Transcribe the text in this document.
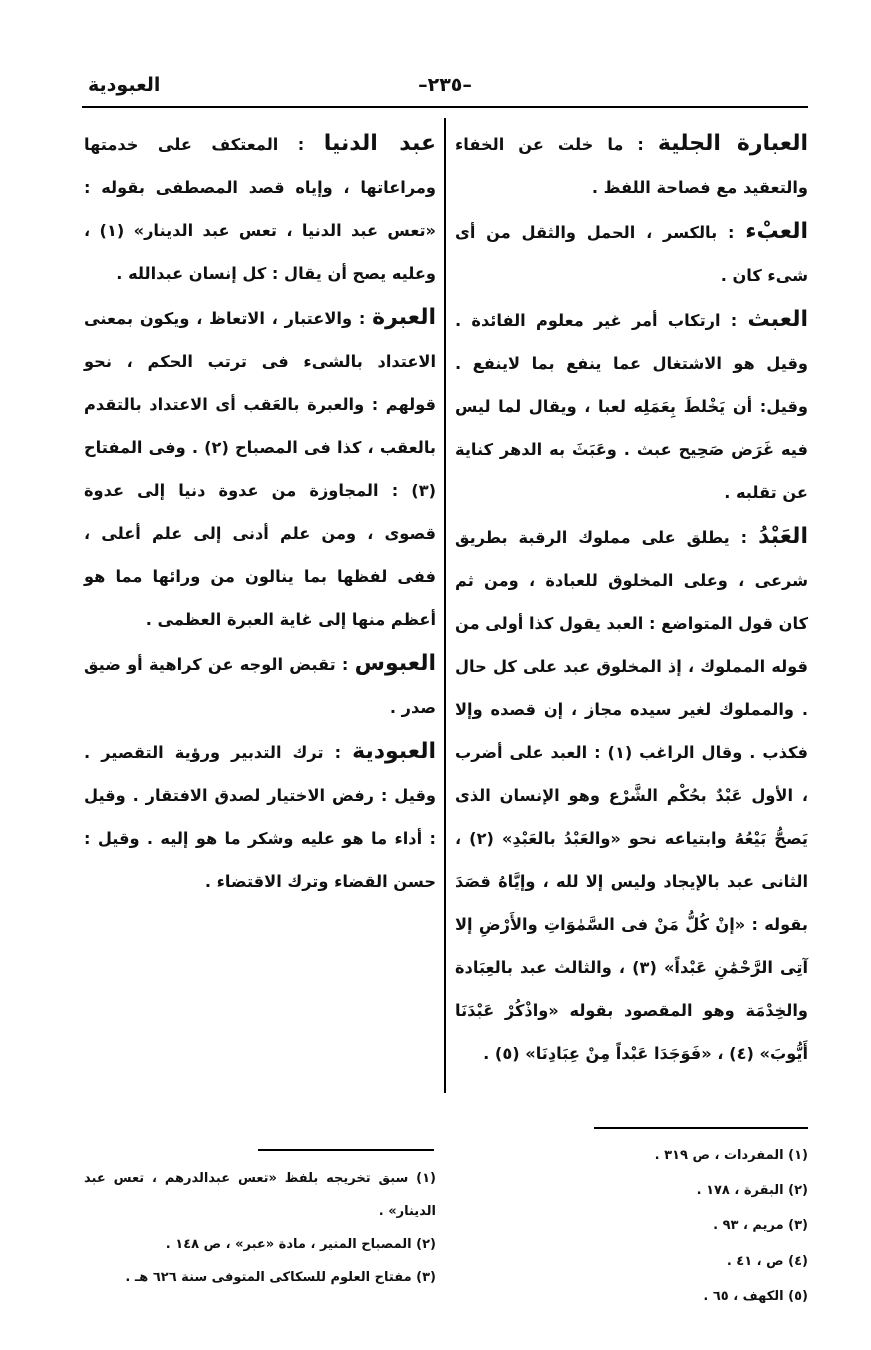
العبودية	–٢٣٥–

العبارة الجلية : ما خلت عن الخفاء والتعقيد مع فصاحة اللفظ .

العبْء : بالكسر ، الحمل والثقل من أى شىء كان .

العبث : ارتكاب أمر غير معلوم الفائدة . وقيل هو الاشتغال عما ينفع بما لاينفع . وقيل: أن يَخْلطَ بِعَمَلِه لعبا ، ويقال لما ليس فيه غَرَض صَحِيح عبث . وعَبَثَ به الدهر كناية عن تقلبه .

العَبْدُ : يطلق على مملوك الرقبة بطريق شرعى ، وعلى المخلوق للعبادة ، ومن ثم كان قول المتواضع : العبد يقول كذا أولى من قوله المملوك ، إذ المخلوق عبد على كل حال . والمملوك لغير سيده مجاز ، إن قصده وإلا فكذب . وقال الراغب (١) : العبد على أضرب ، الأول عَبْدٌ بحُكْم الشَّرْع وهو الإنسان الذى يَصحُّ بَيْعُهُ وابتياعه نحو «والعَبْدُ بالعَبْدِ» (٢) ، الثانى عبد بالإيجاد وليس إلا لله ، وإيَّاهُ قصَدَ بقوله : «إنْ كُلُّ مَنْ فى السَّمٰوَاتِ والأَرْضِ إلا آتِى الرَّحْمَٰنِ عَبْداً» (٣) ، والثالث عبد بالعِبَادة والخِدْمَة وهو المقصود بقوله «واذْكُرْ عَبْدَنَا أَيُّوبَ» (٤) ، «فَوَجَدَا عَبْداً مِنْ عِبَادِنَا» (٥) .

عبد الدنيا : المعتكف على خدمتها ومراعاتها ، وإياه قصد المصطفى بقوله : «تعس عبد الدنيا ، تعس عبد الدينار» (١) ، وعليه يصح أن يقال : كل إنسان عبدالله .

العبرة : والاعتبار ، الاتعاظ ، ويكون بمعنى الاعتداد بالشىء فى ترتب الحكم ، نحو قولهم : والعبرة بالعَقب أى الاعتداد بالتقدم بالعقب ، كذا فى المصباح (٢) . وفى المفتاح (٣) : المجاوزة من عدوة دنيا إلى عدوة قصوى ، ومن علم أدنى إلى علم أعلى ، ففى لفظها بما ينالون من ورائها مما هو أعظم منها إلى غاية العبرة العظمى .

العبوس : تقبض الوجه عن كراهية أو ضيق صدر .

العبودية : ترك التدبير ورؤية التقصير . وقيل : رفض الاختيار لصدق الافتقار . وقيل : أداء ما هو عليه وشكر ما هو إليه . وقيل : حسن القضاء وترك الاقتضاء .

(١) المفردات ، ص ٣١٩ .
(٢) البقرة ، ١٧٨ .
(٣) مريم ، ٩٣ .
(٤) ص ، ٤١ .
(٥) الكهف ، ٦٥ .
(١) سبق تخريجه بلفظ «تعس عبدالدرهم ، تعس عبد الدينار» .
(٢) المصباح المنير ، مادة «عبر» ، ص ١٤٨ .
(٣) مفتاح العلوم للسكاكى المتوفى سنة ٦٢٦ هـ .
